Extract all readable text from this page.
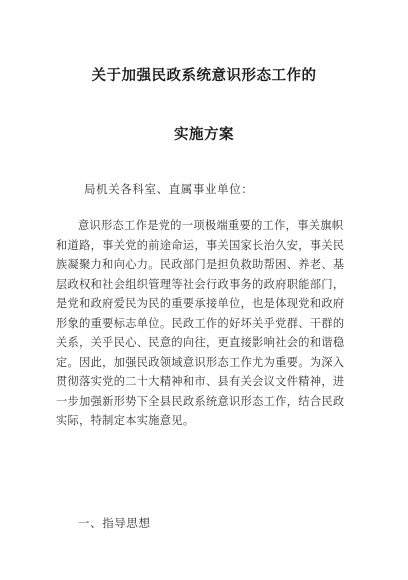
关于加强民政系统意识形态工作的
实施方案
局机关各科室、直属事业单位：
意识形态工作是党的一项极端重要的工作，事关旗帜
和道路，事关党的前途命运，事关国家长治久安，事关民
族凝聚力和向心力。民政部门是担负救助帮困、养老、基
层政权和社会组织管理等社会行政事务的政府职能部门，
是党和政府爱民为民的重要承接单位，也是体现党和政府
形象的重要标志单位。民政工作的好坏关乎党群、干群的
关系，关乎民心、民意的向往，更直接影响社会的和谐稳
定。因此，加强民政领域意识形态工作尤为重要。为深入
贯彻落实党的二十大精神和市、县有关会议文件精神，进
一步加强新形势下全县民政系统意识形态工作，结合民政
实际，特制定本实施意见。
一、指导思想
